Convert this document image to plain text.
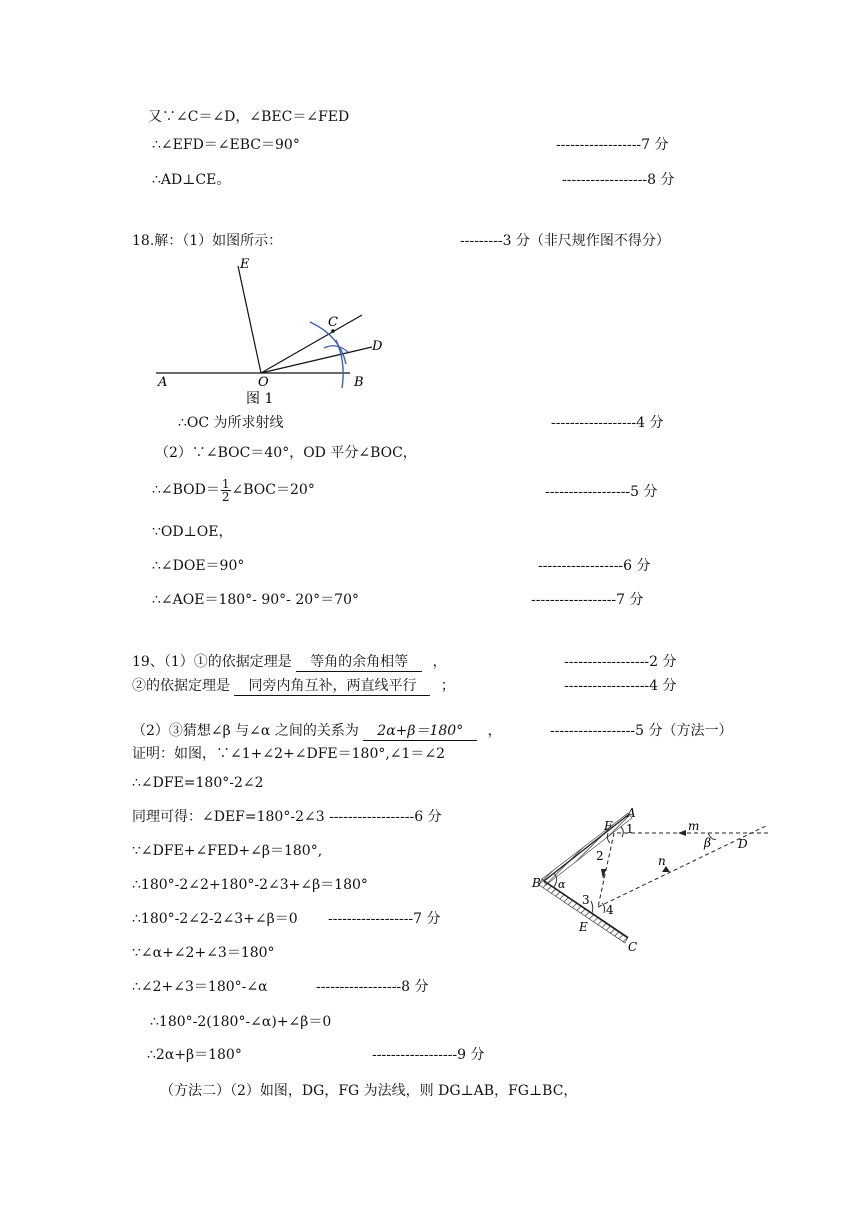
又∵∠C＝∠D，∠BEC＝∠FED
∴∠EFD＝∠EBC＝90°	------------------7 分
∴AD⊥CE。	------------------8 分
18.解：（1）如图所示：	---------3 分（非尺规作图不得分）
E
C
D
A	O	B
图 1
∴OC 为所求射线	------------------4 分
（2）∵∠BOC＝40°，OD 平分∠BOC，
∴∠BOD＝ $\frac{1}{2}$ ∠BOC＝20°	------------------5 分
∵OD⊥OE，
∴∠DOE＝90°	------------------6 分
∴∠AOE＝180°- 90°- 20°＝70°	------------------7 分
19、（1）①的依据定理是 等角的余角相等 ，	------------------2 分
②的依据定理是 同旁内角互补，两直线平行 ；	------------------4 分
（2）③猜想∠β 与∠α 之间的关系为 2α+β＝180° ，	------------------5 分（方法一）
证明：如图，∵∠1+∠2+∠DFE＝180°,∠1＝∠2
∴∠DFE=180°-2∠2
同理可得：∠DEF=180°-2∠3 ------------------6 分
∵∠DFE+∠FED+∠β＝180°,
∴180°-2∠2+180°-2∠3+∠β＝180°
∴180°-2∠2-2∠3+∠β＝0 ------------------7 分
∵∠α+∠2+∠3＝180°
∴∠2+∠3＝180°-∠α	------------------8 分
∴180°-2(180°-∠α)+∠β＝0
∴2α+β＝180°	------------------9 分
（方法二）（2）如图，DG，FG 为法线，则 DG⊥AB，FG⊥BC，
A
F 1	m
β D
2	n
B α
3
4
E
C
